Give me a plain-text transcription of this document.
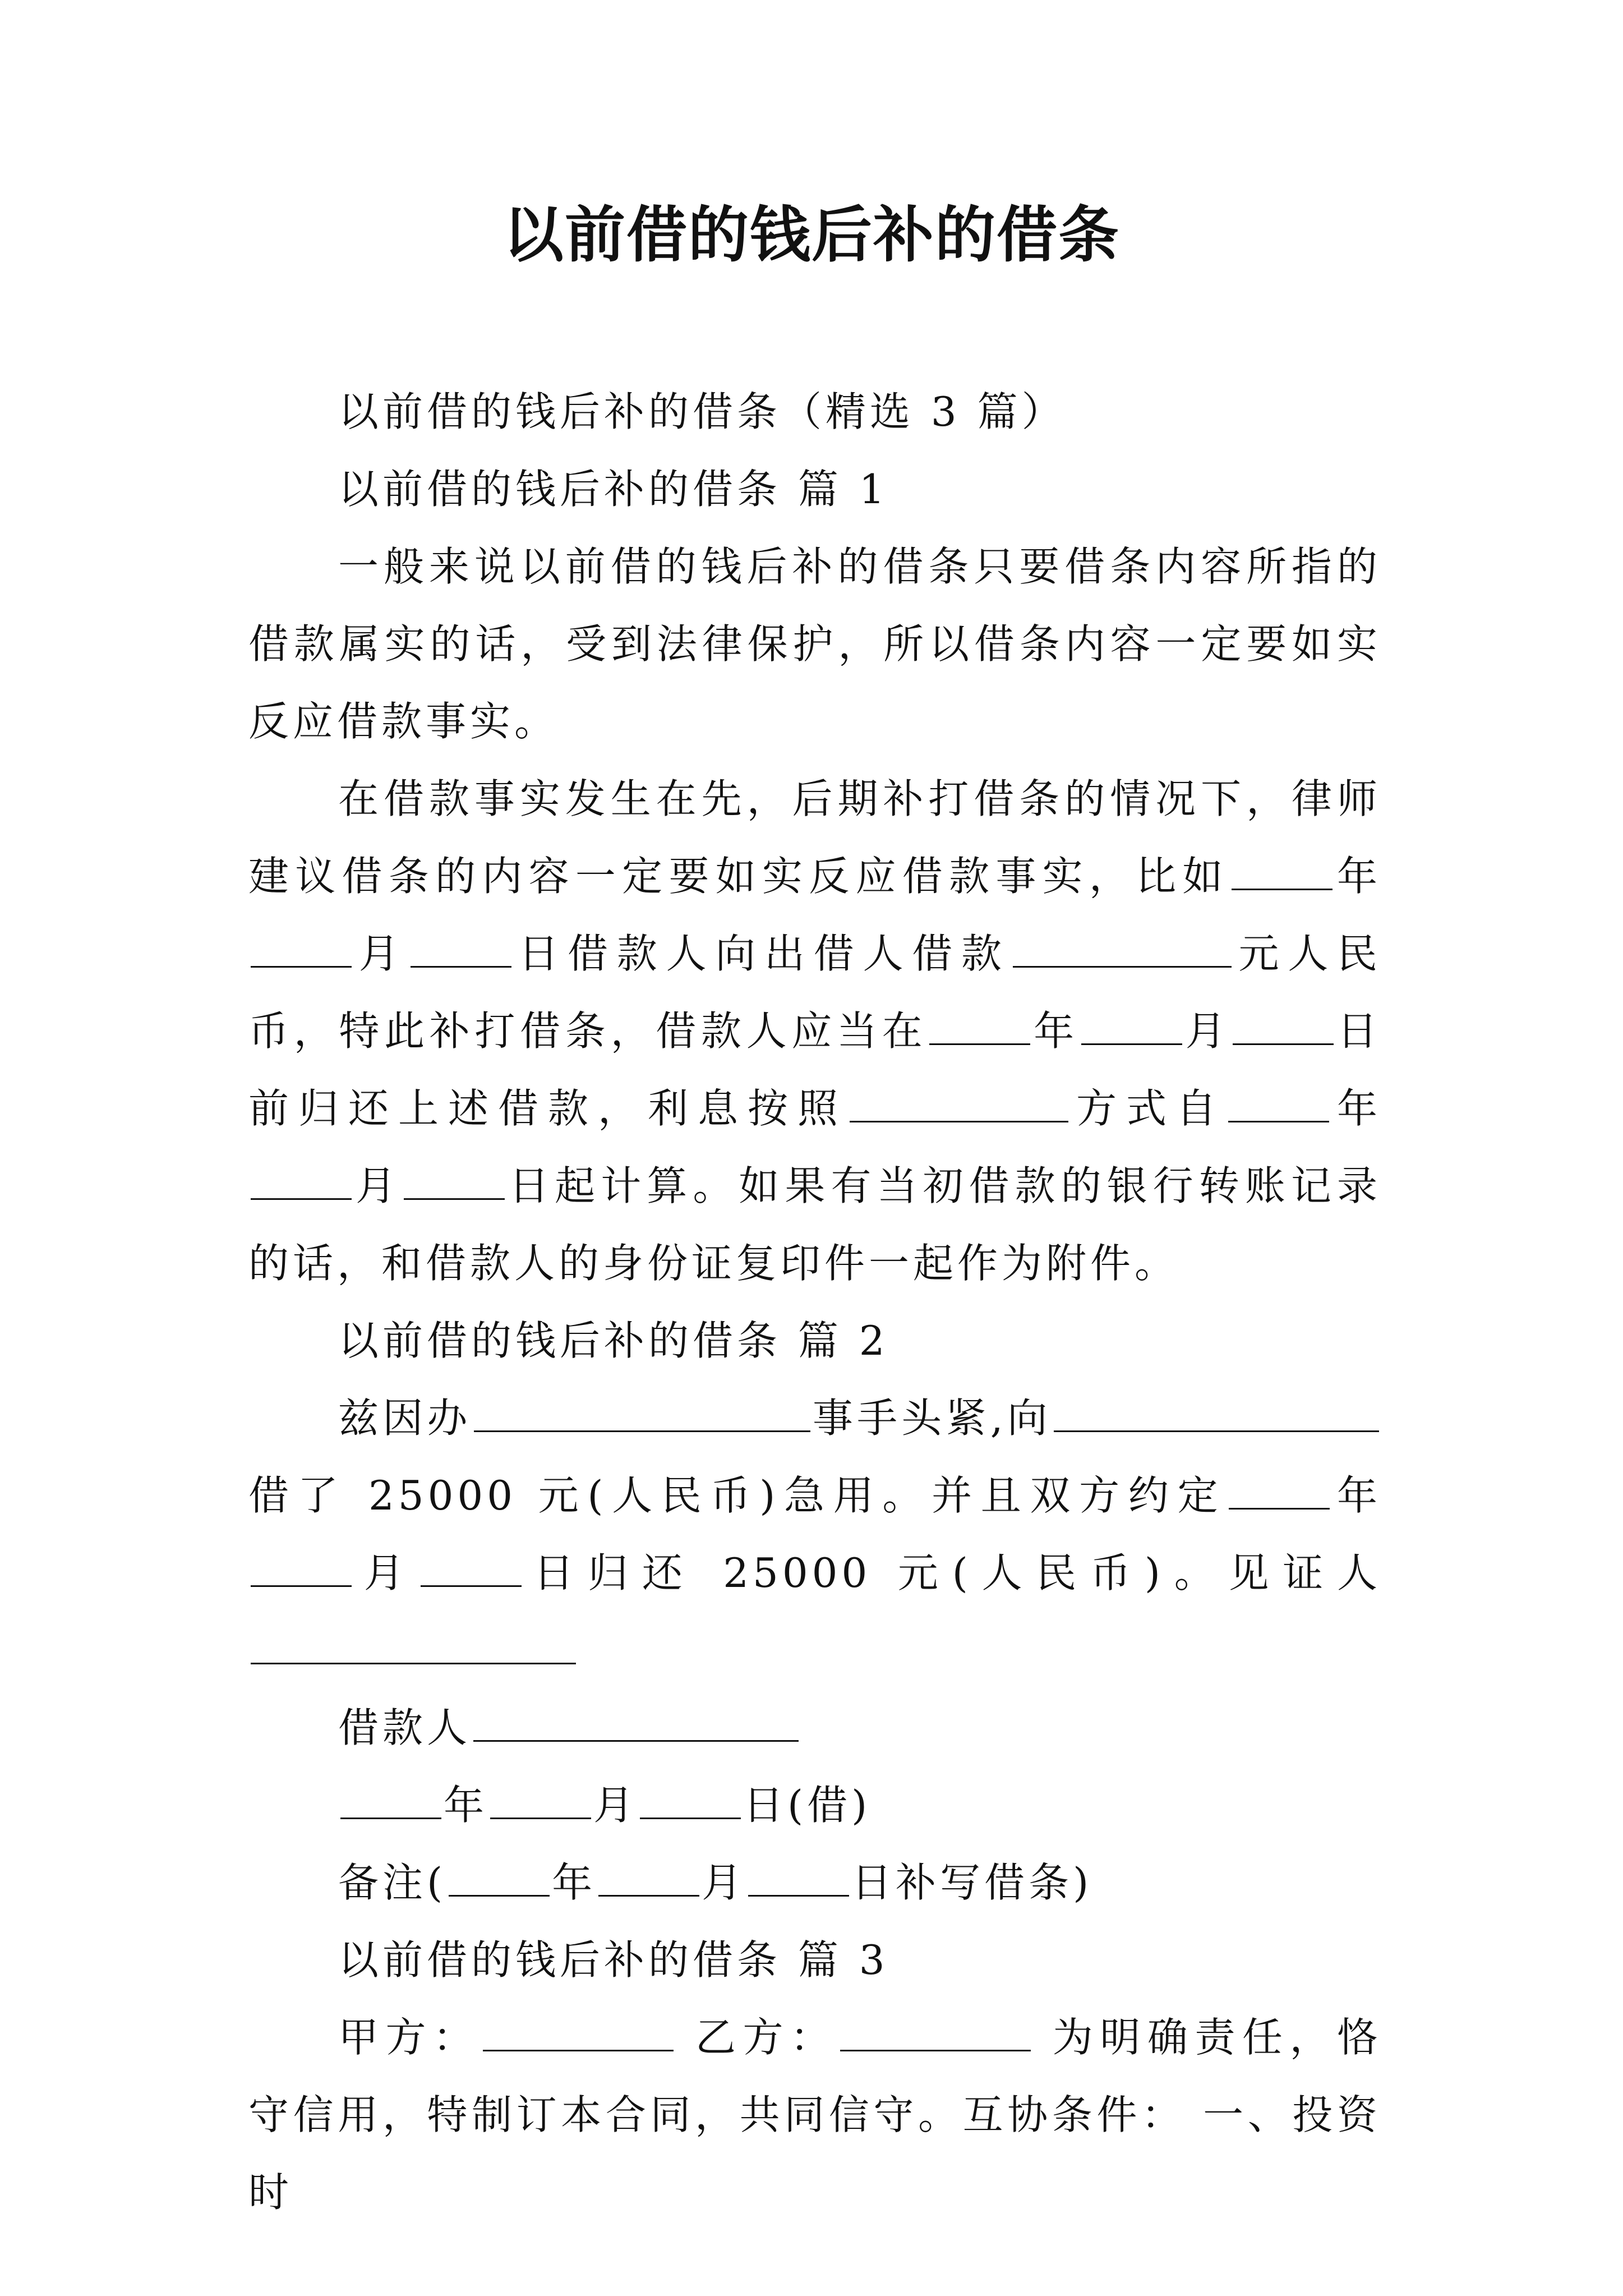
以前借的钱后补的借条

以前借的钱后补的借条（精选 3 篇）

以前借的钱后补的借条 篇 1

一般来说以前借的钱后补的借条只要借条内容所指的借款属实的话，受到法律保护，所以借条内容一定要如实反应借款事实。

在借款事实发生在先，后期补打借条的情况下，律师建议借条的内容一定要如实反应借款事实，比如	年月	日借款人向出借人借款	元人民币，特此补打借条，借款人应当在	年	月	日前归还上述借款，利息按照	方式自	年月	日起计算。如果有当初借款的银行转账记录的话，和借款人的身份证复印件一起作为附件。

以前借的钱后补的借条 篇 2

兹因办	事手头紧,向借了 25000 元(人民币)急用。并且双方约定	年月	日归还 25000 元(人民币)。见证人

借款人

年	月	日(借)

备注(	年	月	日补写借条)

以前借的钱后补的借条 篇 3

甲方：	乙方：	为明确责任，恪守信用，特制订本合同，共同信守。互协条件： 一、投资时
